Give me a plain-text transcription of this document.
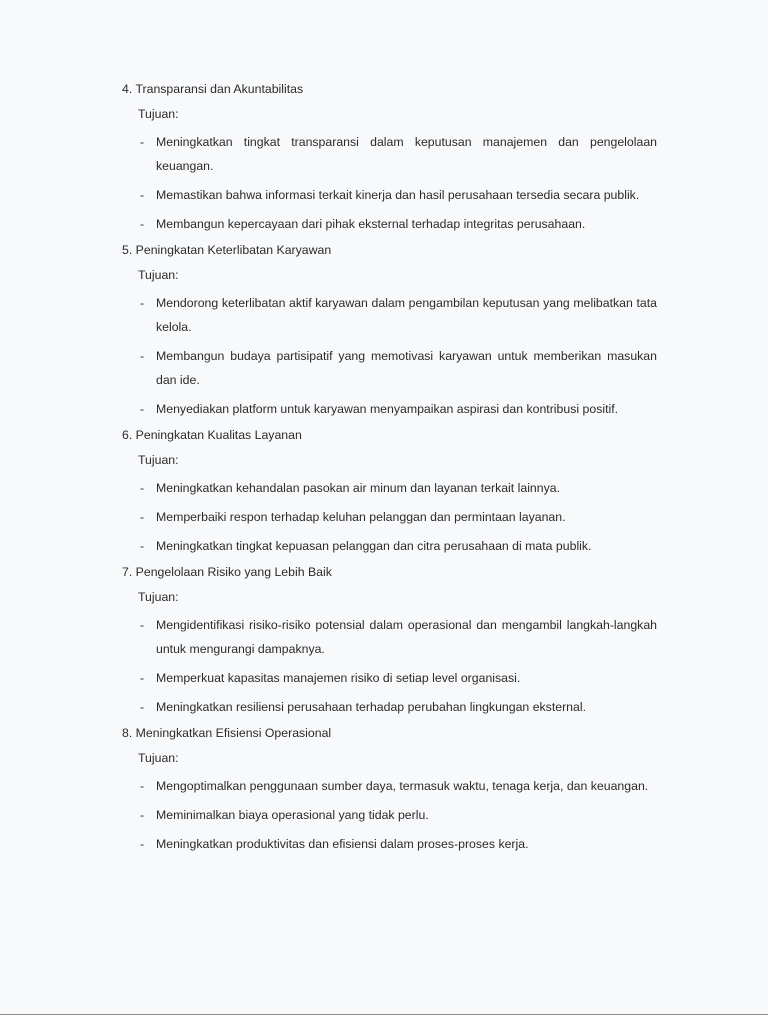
4. Transparansi dan Akuntabilitas
Tujuan:
- Meningkatkan tingkat transparansi dalam keputusan manajemen dan pengelolaan keuangan.
- Memastikan bahwa informasi terkait kinerja dan hasil perusahaan tersedia secara publik.
- Membangun kepercayaan dari pihak eksternal terhadap integritas perusahaan.
5. Peningkatan Keterlibatan Karyawan
Tujuan:
- Mendorong keterlibatan aktif karyawan dalam pengambilan keputusan yang melibatkan tata kelola.
- Membangun budaya partisipatif yang memotivasi karyawan untuk memberikan masukan dan ide.
- Menyediakan platform untuk karyawan menyampaikan aspirasi dan kontribusi positif.
6. Peningkatan Kualitas Layanan
Tujuan:
- Meningkatkan kehandalan pasokan air minum dan layanan terkait lainnya.
- Memperbaiki respon terhadap keluhan pelanggan dan permintaan layanan.
- Meningkatkan tingkat kepuasan pelanggan dan citra perusahaan di mata publik.
7. Pengelolaan Risiko yang Lebih Baik
Tujuan:
- Mengidentifikasi risiko-risiko potensial dalam operasional dan mengambil langkah-langkah untuk mengurangi dampaknya.
- Memperkuat kapasitas manajemen risiko di setiap level organisasi.
- Meningkatkan resiliensi perusahaan terhadap perubahan lingkungan eksternal.
8. Meningkatkan Efisiensi Operasional
Tujuan:
- Mengoptimalkan penggunaan sumber daya, termasuk waktu, tenaga kerja, dan keuangan.
- Meminimalkan biaya operasional yang tidak perlu.
- Meningkatkan produktivitas dan efisiensi dalam proses-proses kerja.
